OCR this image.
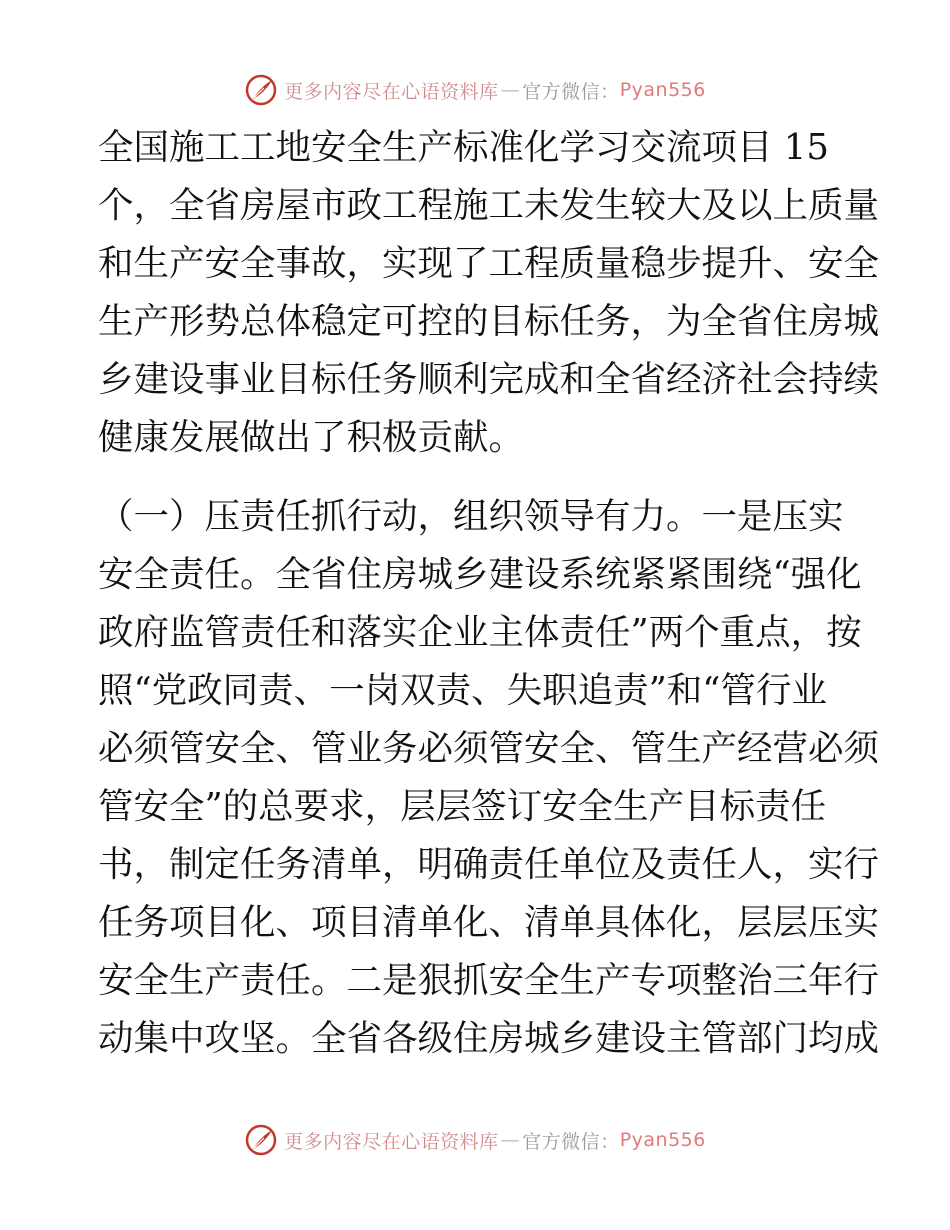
更多内容尽在心语资料库 — 官方微信： Pyan556
全国施工工地安全生产标准化学习交流项目 15
个，全省房屋市政工程施工未发生较大及以上质量
和生产安全事故，实现了工程质量稳步提升、安全
生产形势总体稳定可控的目标任务，为全省住房城
乡建设事业目标任务顺利完成和全省经济社会持续
健康发展做出了积极贡献。
（一）压责任抓行动，组织领导有力。一是压实
安全责任。全省住房城乡建设系统紧紧围绕“强化
政府监管责任和落实企业主体责任”两个重点，按
照“党政同责、一岗双责、失职追责”和“管行业
必须管安全、管业务必须管安全、管生产经营必须
管安全”的总要求，层层签订安全生产目标责任
书，制定任务清单，明确责任单位及责任人，实行
任务项目化、项目清单化、清单具体化，层层压实
安全生产责任。二是狠抓安全生产专项整治三年行
动集中攻坚。全省各级住房城乡建设主管部门均成
更多内容尽在心语资料库 — 官方微信： Pyan556
